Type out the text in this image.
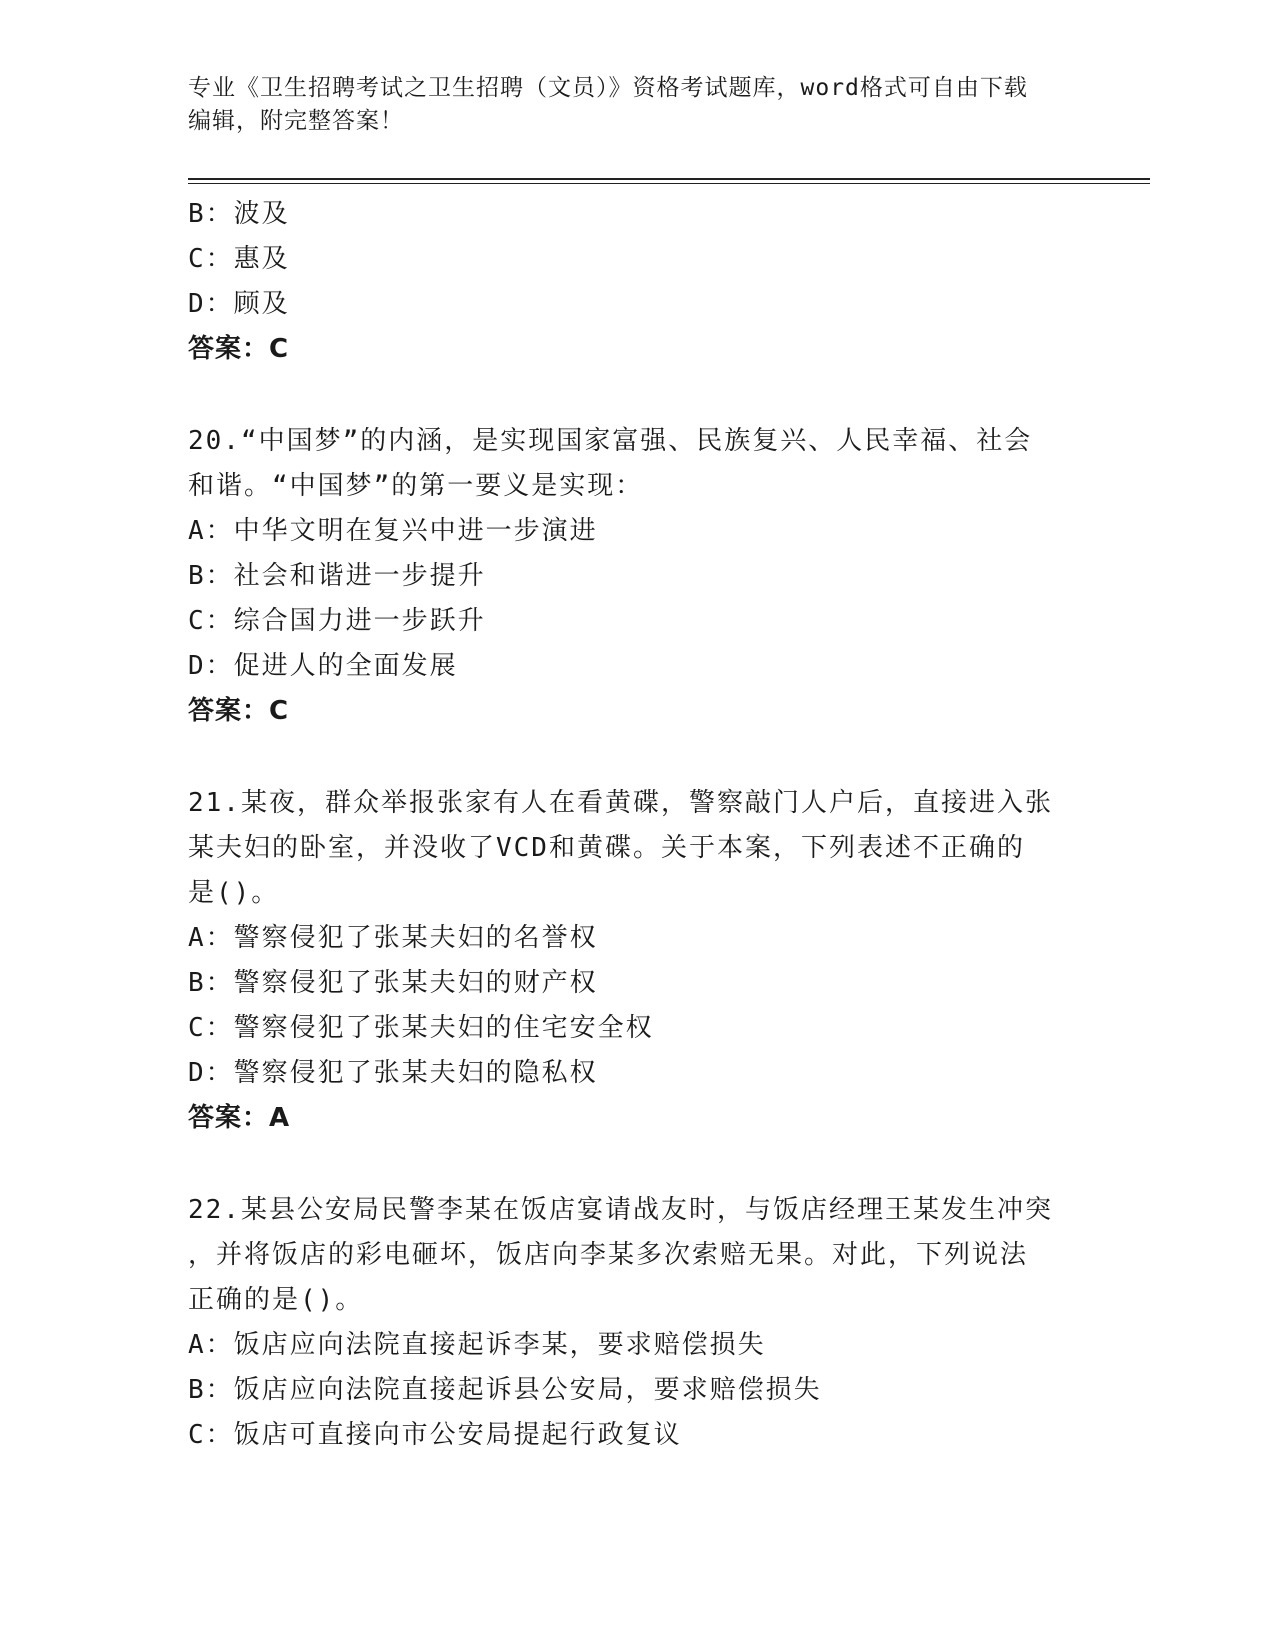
专业《卫生招聘考试之卫生招聘（文员）》资格考试题库，word格式可自由下载
编辑，附完整答案！
B：波及
C：惠及
D：顾及
答案：C
20.“中国梦”的内涵，是实现国家富强、民族复兴、人民幸福、社会
和谐。“中国梦”的第一要义是实现：
A：中华文明在复兴中进一步演进
B：社会和谐进一步提升
C：综合国力进一步跃升
D：促进人的全面发展
答案：C
21.某夜，群众举报张家有人在看黄碟，警察敲门人户后，直接进入张
某夫妇的卧室，并没收了VCD和黄碟。关于本案，下列表述不正确的
是()。
A：警察侵犯了张某夫妇的名誉权
B：警察侵犯了张某夫妇的财产权
C：警察侵犯了张某夫妇的住宅安全权
D：警察侵犯了张某夫妇的隐私权
答案：A
22.某县公安局民警李某在饭店宴请战友时，与饭店经理王某发生冲突
，并将饭店的彩电砸坏，饭店向李某多次索赔无果。对此，下列说法
正确的是()。
A：饭店应向法院直接起诉李某，要求赔偿损失
B：饭店应向法院直接起诉县公安局，要求赔偿损失
C：饭店可直接向市公安局提起行政复议
